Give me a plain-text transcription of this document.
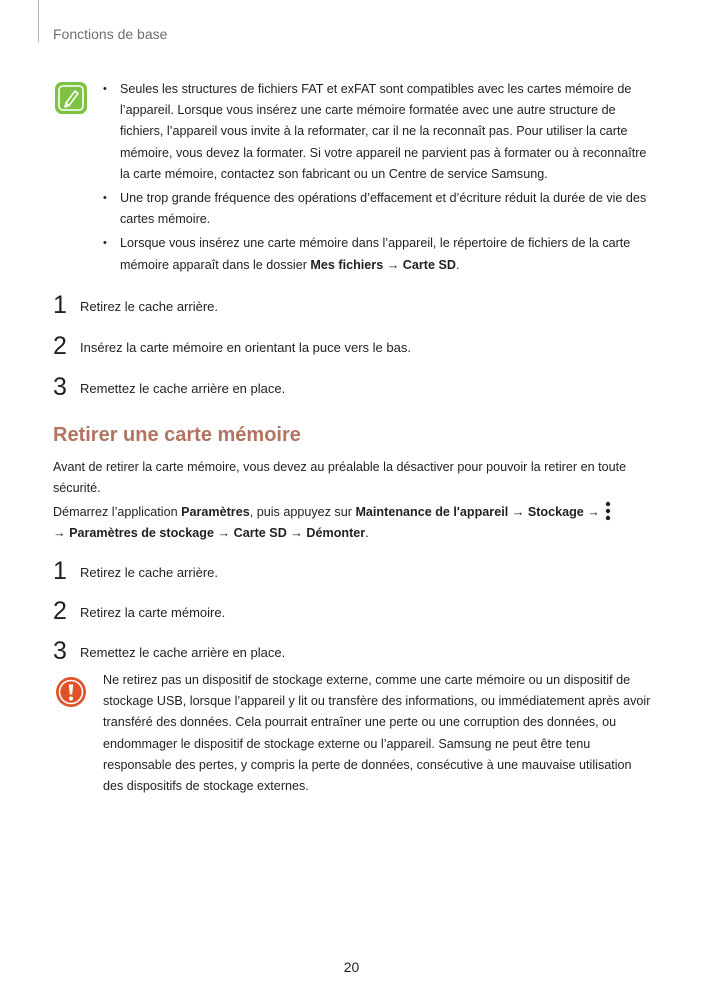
Fonctions de base
• Seules les structures de fichiers FAT et exFAT sont compatibles avec les cartes mémoire de l’appareil. Lorsque vous insérez une carte mémoire formatée avec une autre structure de fichiers, l’appareil vous invite à la reformater, car il ne la reconnaît pas. Pour utiliser la carte mémoire, vous devez la formater. Si votre appareil ne parvient pas à formater ou à reconnaître la carte mémoire, contactez son fabricant ou un Centre de service Samsung.
• Une trop grande fréquence des opérations d’effacement et d’écriture réduit la durée de vie des cartes mémoire.
• Lorsque vous insérez une carte mémoire dans l’appareil, le répertoire de fichiers de la carte mémoire apparaît dans le dossier Mes fichiers → Carte SD.
1 Retirez le cache arrière.
2 Insérez la carte mémoire en orientant la puce vers le bas.
3 Remettez le cache arrière en place.
Retirer une carte mémoire
Avant de retirer la carte mémoire, vous devez au préalable la désactiver pour pouvoir la retirer en toute sécurité.
Démarrez l’application Paramètres, puis appuyez sur Maintenance de l'appareil → Stockage →
→ Paramètres de stockage → Carte SD → Démonter.
1 Retirez le cache arrière.
2 Retirez la carte mémoire.
3 Remettez le cache arrière en place.
Ne retirez pas un dispositif de stockage externe, comme une carte mémoire ou un dispositif de stockage USB, lorsque l’appareil y lit ou transfère des informations, ou immédiatement après avoir transféré des données. Cela pourrait entraîner une perte ou une corruption des données, ou endommager le dispositif de stockage externe ou l’appareil. Samsung ne peut être tenu responsable des pertes, y compris la perte de données, consécutive à une mauvaise utilisation des dispositifs de stockage externes.
20
